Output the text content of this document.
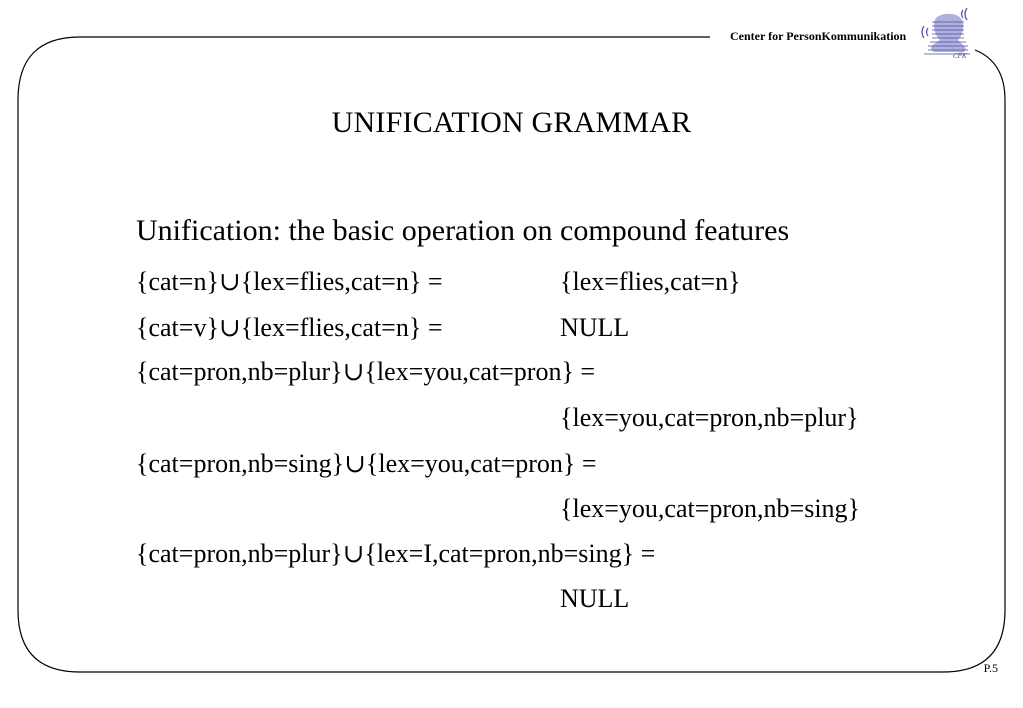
Center for PersonKommunikation
CPK
UNIFICATION GRAMMAR
Unification: the basic operation on compound features
{cat=n}∪{lex=flies,cat=n} =	{lex=flies,cat=n}
{cat=v}∪{lex=flies,cat=n} =	NULL
{cat=pron,nb=plur}∪{lex=you,cat=pron} =
{lex=you,cat=pron,nb=plur}
{cat=pron,nb=sing}∪{lex=you,cat=pron} =
{lex=you,cat=pron,nb=sing}
{cat=pron,nb=plur}∪{lex=I,cat=pron,nb=sing} =
NULL
P.5
